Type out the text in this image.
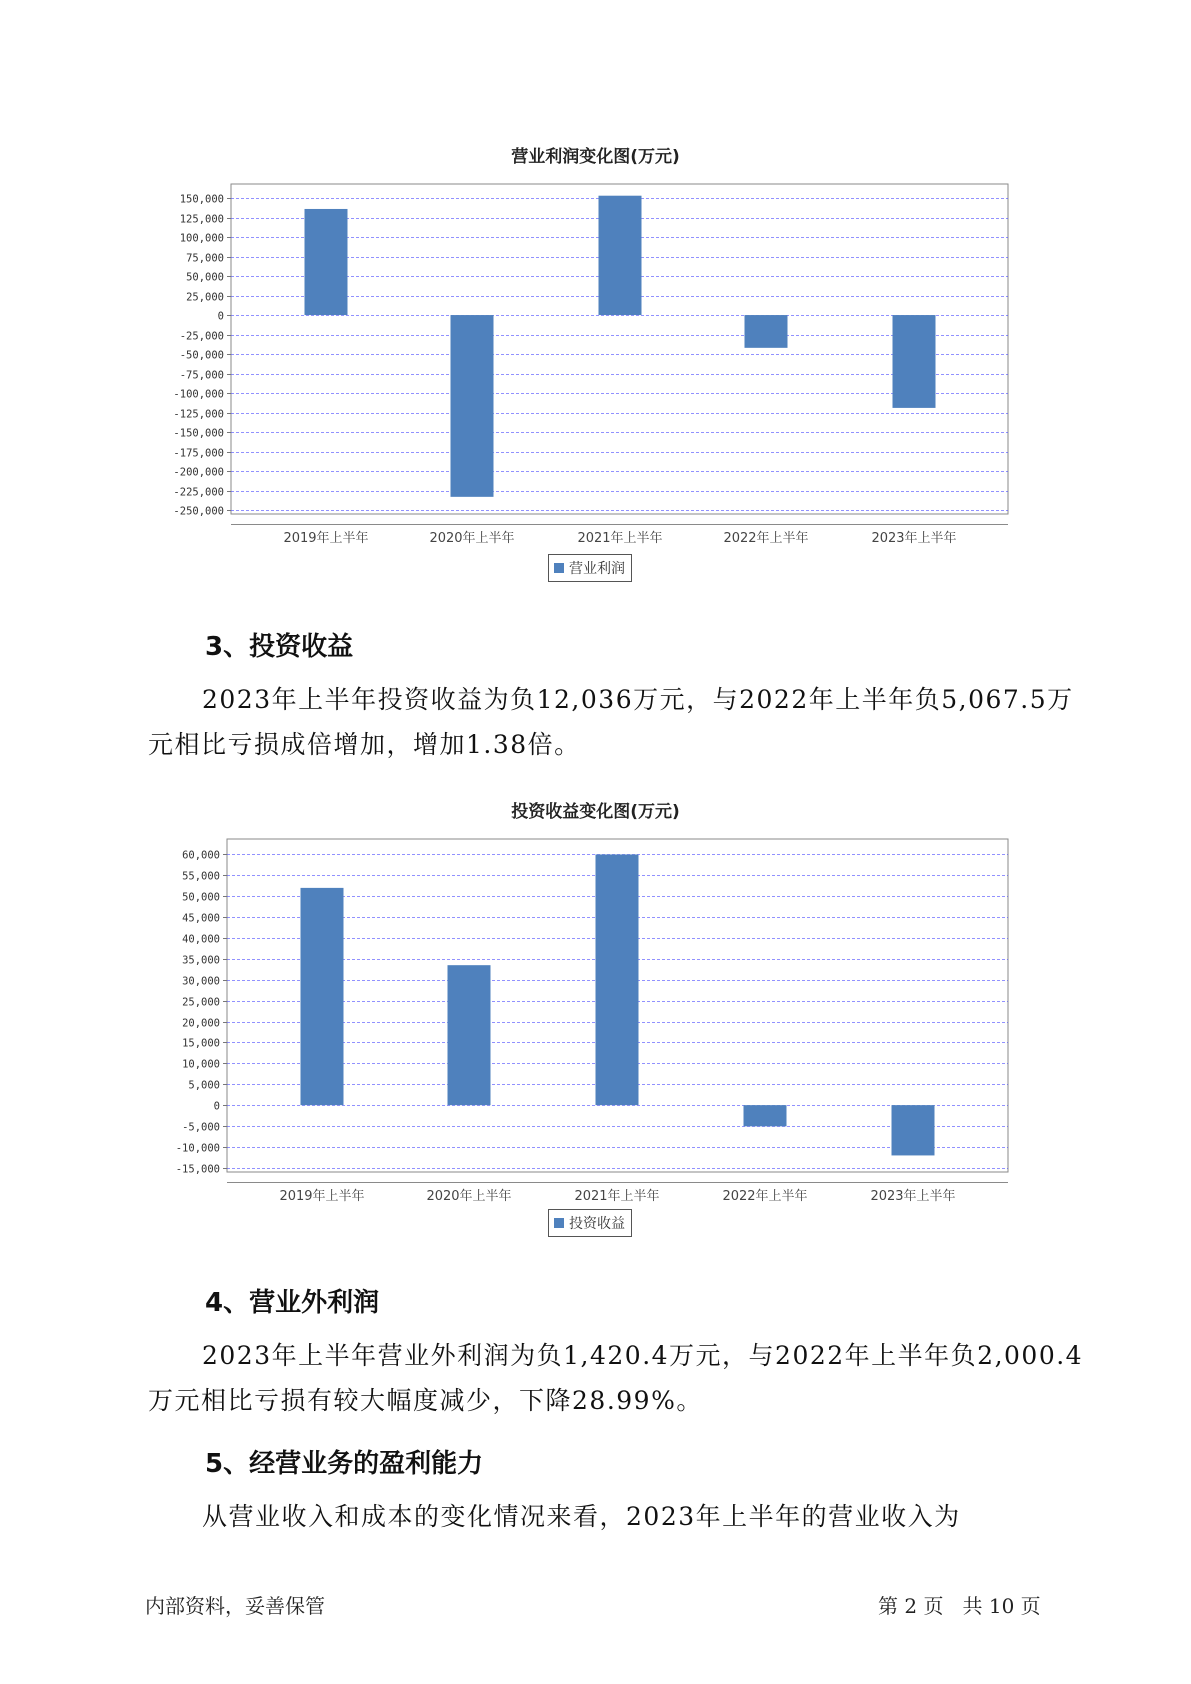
营业利润变化图(万元)
150,000
125,000
100,000
75,000
50,000
25,000
0
-25,000
-50,000
-75,000
-100,000
-125,000
-150,000
-175,000
-200,000
-225,000
-250,000
2019年上半年	2020年上半年	2021年上半年	2022年上半年	2023年上半年
营业利润
3、投资收益
2023年上半年投资收益为负12,036万元，与2022年上半年负5,067.5万
元相比亏损成倍增加，增加1.38倍。
投资收益变化图(万元)
60,000
55,000
50,000
45,000
40,000
35,000
30,000
25,000
20,000
15,000
10,000
5,000
0
-5,000
-10,000
-15,000
2019年上半年	2020年上半年	2021年上半年	2022年上半年	2023年上半年
投资收益
4、营业外利润
2023年上半年营业外利润为负1,420.4万元，与2022年上半年负2,000.4
万元相比亏损有较大幅度减少，下降28.99%。
5、经营业务的盈利能力
从营业收入和成本的变化情况来看，2023年上半年的营业收入为
内部资料，妥善保管	第 2 页   共 10 页
